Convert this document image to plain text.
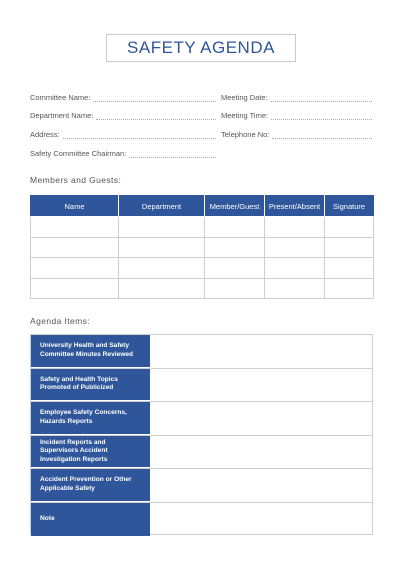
SAFETY AGENDA
Committee Name:	Meeting Date:
Department Name:	Meeting Time:
Address:	Telephone No:
Safety Committee Chairman:
Members and Guests:
Name	Department	Member/Guest	Present/Absent	Signature

Agenda Items:
University Health and Safety Committee Minutes Reviewed
Safety and Health Topics Promoted of Publicized
Employee Safety Concerns, Hazards Reports
Incident Reports and Supervisors Accident Investigation Reports
Accident Prevention or Other Applicable Safety
Note
